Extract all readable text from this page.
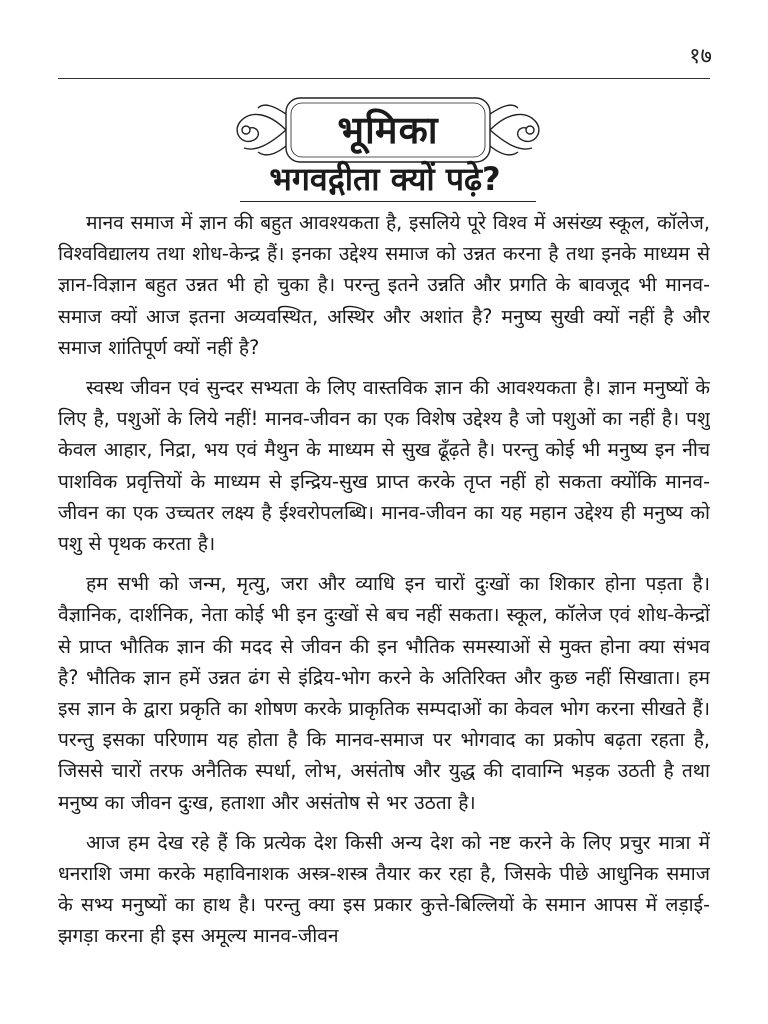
१७
भूमिका
भगवद्गीता क्यों पढ़े?

मानव समाज में ज्ञान की बहुत आवश्यकता है, इसलिये पूरे विश्व में असंख्य स्कूल, कॉलेज, विश्वविद्यालय तथा शोध-केन्द्र हैं। इनका उद्देश्य समाज को उन्नत करना है तथा इनके माध्यम से ज्ञान-विज्ञान बहुत उन्नत भी हो चुका है। परन्तु इतने उन्नति और प्रगति के बावजूद भी मानव-समाज क्यों आज इतना अव्यवस्थित, अस्थिर और अशांत है? मनुष्य सुखी क्यों नहीं है और समाज शांतिपूर्ण क्यों नहीं है?

स्वस्थ जीवन एवं सुन्दर सभ्यता के लिए वास्तविक ज्ञान की आवश्यकता है। ज्ञान मनुष्यों के लिए है, पशुओं के लिये नहीं! मानव-जीवन का एक विशेष उद्देश्य है जो पशुओं का नहीं है। पशु केवल आहार, निद्रा, भय एवं मैथुन के माध्यम से सुख ढूँढ़ते है। परन्तु कोई भी मनुष्य इन नीच पाशविक प्रवृत्तियों के माध्यम से इन्द्रिय-सुख प्राप्त करके तृप्त नहीं हो सकता क्योंकि मानव-जीवन का एक उच्चतर लक्ष्य है ईश्वरोपलब्धि। मानव-जीवन का यह महान उद्देश्य ही मनुष्य को पशु से पृथक करता है।

हम सभी को जन्म, मृत्यु, जरा और व्याधि इन चारों दुःखों का शिकार होना पड़ता है। वैज्ञानिक, दार्शनिक, नेता कोई भी इन दुःखों से बच नहीं सकता। स्कूल, कॉलेज एवं शोध-केन्द्रों से प्राप्त भौतिक ज्ञान की मदद से जीवन की इन भौतिक समस्याओं से मुक्त होना क्या संभव है? भौतिक ज्ञान हमें उन्नत ढंग से इंद्रिय-भोग करने के अतिरिक्त और कुछ नहीं सिखाता। हम इस ज्ञान के द्वारा प्रकृति का शोषण करके प्राकृतिक सम्पदाओं का केवल भोग करना सीखते हैं। परन्तु इसका परिणाम यह होता है कि मानव-समाज पर भोगवाद का प्रकोप बढ़ता रहता है, जिससे चारों तरफ अनैतिक स्पर्धा, लोभ, असंतोष और युद्ध की दावाग्नि भड़क उठती है तथा मनुष्य का जीवन दुःख, हताशा और असंतोष से भर उठता है।

आज हम देख रहे हैं कि प्रत्येक देश किसी अन्य देश को नष्ट करने के लिए प्रचुर मात्रा में धनराशि जमा करके महाविनाशक अस्त्र-शस्त्र तैयार कर रहा है, जिसके पीछे आधुनिक समाज के सभ्य मनुष्यों का हाथ है। परन्तु क्या इस प्रकार कुत्ते-बिल्लियों के समान आपस में लड़ाई-झगड़ा करना ही इस अमूल्य मानव-जीवन
